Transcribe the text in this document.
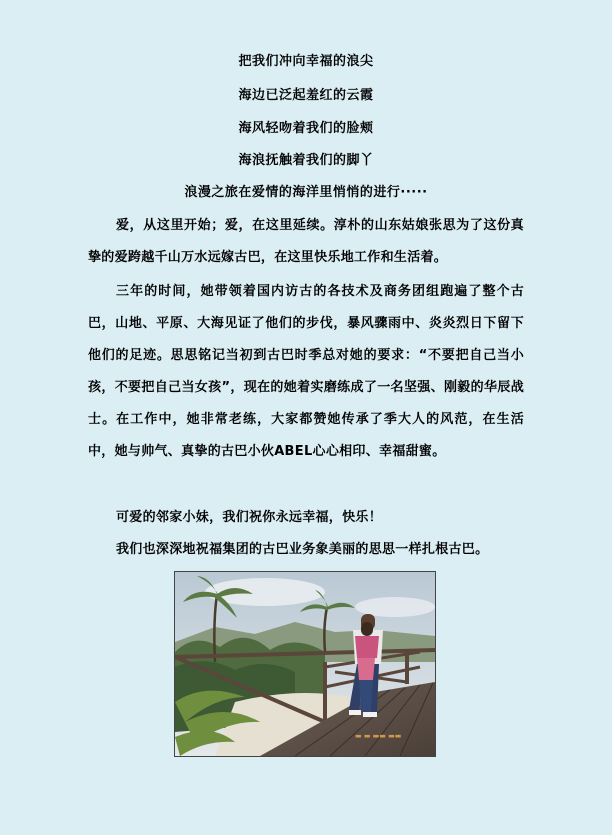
把我们冲向幸福的浪尖
海边已泛起羞红的云霞
海风轻吻着我们的脸颊
海浪抚触着我们的脚丫
浪漫之旅在爱情的海洋里悄悄的进行·····
爱，从这里开始；爱，在这里延续。淳朴的山东姑娘张思为了这份真挚的爱跨越千山万水远嫁古巴，在这里快乐地工作和生活着。
三年的时间，她带领着国内访古的各技术及商务团组跑遍了整个古巴，山地、平原、大海见证了他们的步伐，暴风骤雨中、炎炎烈日下留下他们的足迹。思思铭记当初到古巴时季总对她的要求：“不要把自己当小孩，不要把自己当女孩”，现在的她着实磨练成了一名坚强、刚毅的华辰战士。在工作中，她非常老练，大家都赞她传承了季大人的风范，在生活中，她与帅气、真挚的古巴小伙ABEL心心相印、幸福甜蜜。
可爱的邻家小妹，我们祝你永远幸福，快乐！
我们也深深地祝福集团的古巴业务象美丽的思思一样扎根古巴。
▬ ▬ ▬▬ ▬▬
